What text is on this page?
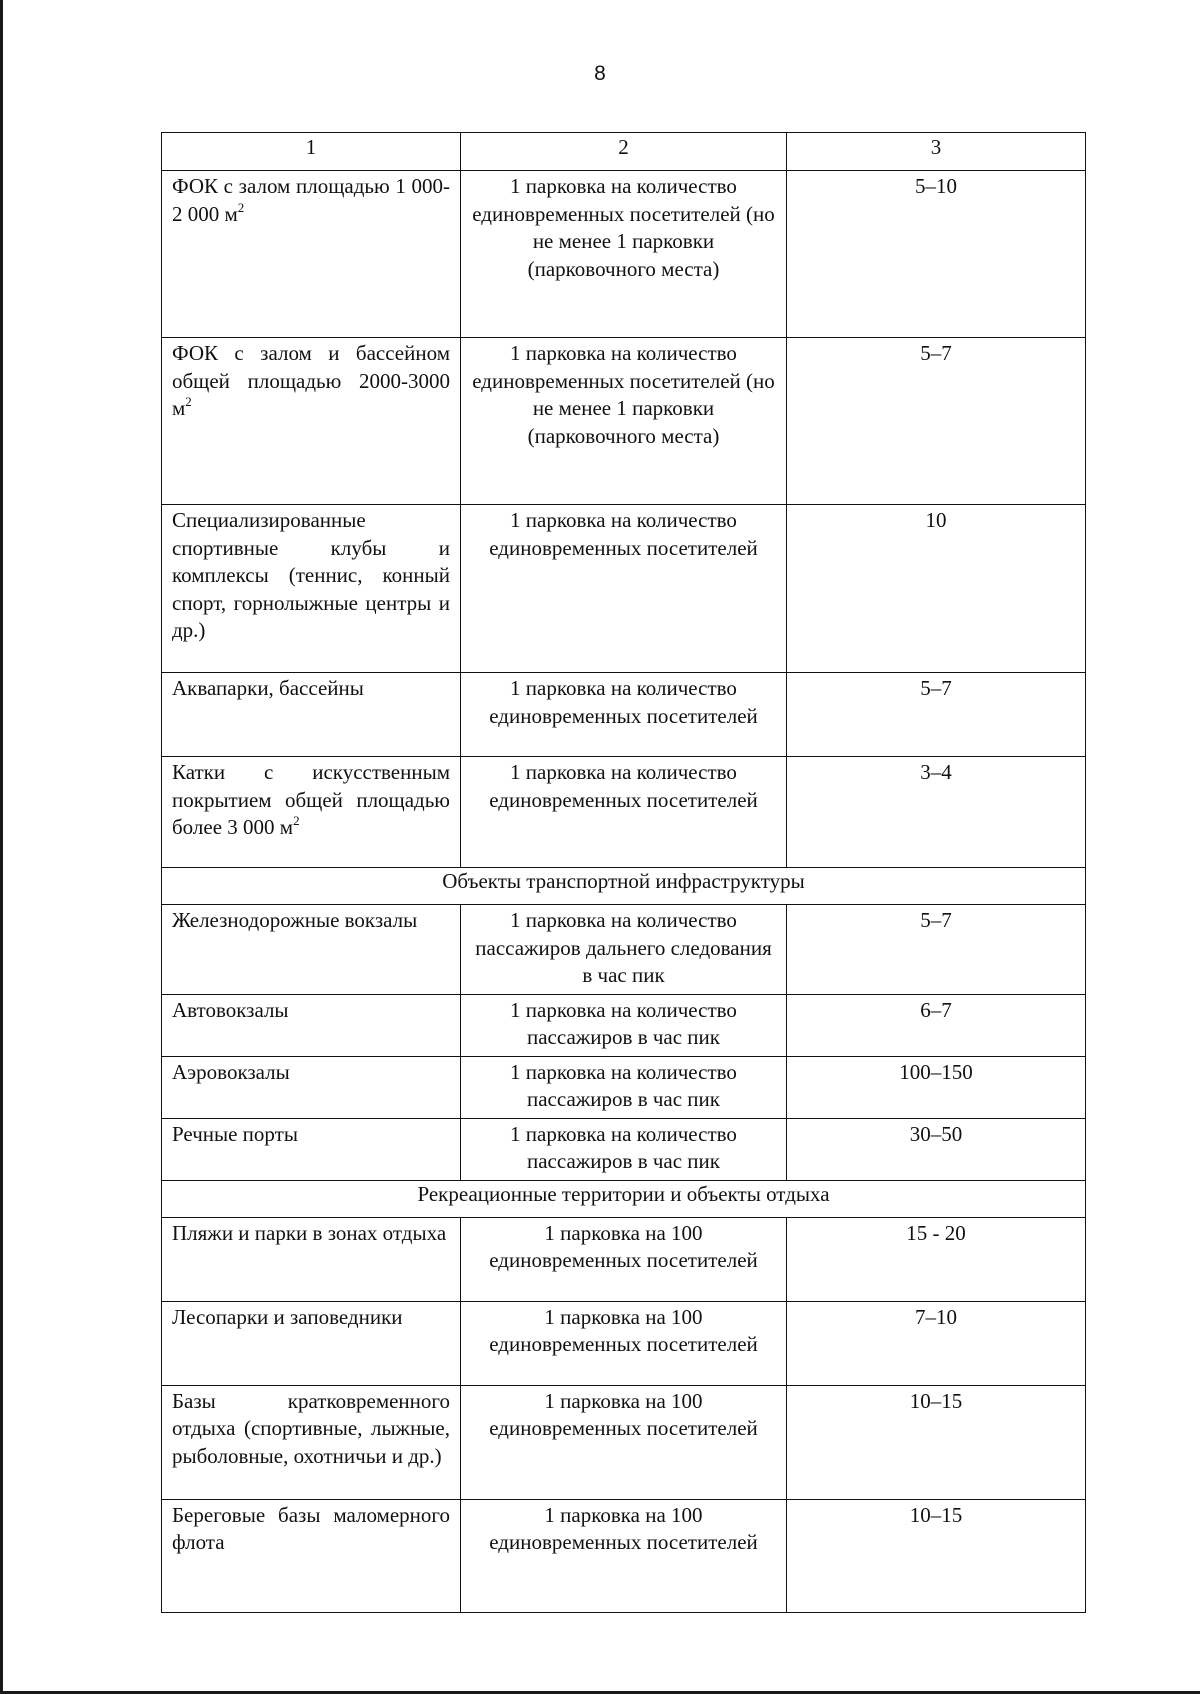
8
1	2	3
ФОК с залом площадью 1 000-2 000 $м^2$	1 парковка на количество единовременных посетителей (но не менее 1 парковки (парковочного места)	5–10
ФОК с залом и бассейном общей площадью 2000-3000 $м^2$	1 парковка на количество единовременных посетителей (но не менее 1 парковки (парковочного места)	5–7
Специализированные спортивные клубы и комплексы (теннис, конный спорт, горнолыжные центры и др.)	1 парковка на количество единовременных посетителей	10
Аквапарки, бассейны	1 парковка на количество единовременных посетителей	5–7
Катки с искусственным покрытием общей площадью более 3 000 $м^2$	1 парковка на количество единовременных посетителей	3–4
Объекты транспортной инфраструктуры		
Железнодорожные вокзалы	1 парковка на количество пассажиров дальнего следования в час пик	5–7
Автовокзалы	1 парковка на количество пассажиров в час пик	6–7
Аэровокзалы	1 парковка на количество пассажиров в час пик	100–150
Речные порты	1 парковка на количество пассажиров в час пик	30–50
Рекреационные территории и объекты отдыха		
Пляжи и парки в зонах отдыха	1 парковка на 100 единовременных посетителей	15 - 20
Лесопарки и заповедники	1 парковка на 100 единовременных посетителей	7–10
Базы кратковременного отдыха (спортивные, лыжные, рыболовные, охотничьи и др.)	1 парковка на 100 единовременных посетителей	10–15
Береговые базы маломерного флота	1 парковка на 100 единовременных посетителей	10–15
